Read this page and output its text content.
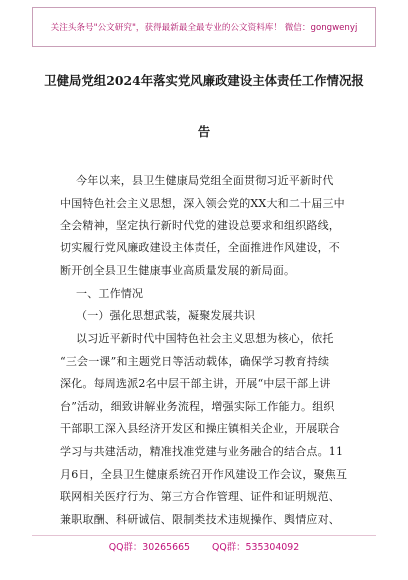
关注头条号"公文研究"，获得最新最全最专业的公文资料库！ 微信：gongwenyj
卫健局党组2024年落实党风廉政建设主体责任工作情况报
告
今年以来，县卫生健康局党组全面贯彻习近平新时代
中国特色社会主义思想，深入领会党的XX大和二十届三中
全会精神，坚定执行新时代党的建设总要求和组织路线，
切实履行党风廉政建设主体责任，全面推进作风建设，不
断开创全县卫生健康事业高质量发展的新局面。
一、工作情况
（一）强化思想武装，凝聚发展共识
以习近平新时代中国特色社会主义思想为核心，依托
“三会一课”和主题党日等活动载体，确保学习教育持续
深化。每周选派2名中层干部主讲，开展“中层干部上讲
台”活动，细致讲解业务流程，增强实际工作能力。组织
干部职工深入县经济开发区和操庄镇相关企业，开展联合
学习与共建活动，精准找准党建与业务融合的结合点。11
月6日，全县卫生健康系统召开作风建设工作会议，聚焦互
联网相关医疗行为、第三方合作管理、证件和证明规范、
兼职取酬、科研诚信、限制类技术违规操作、舆情应对、
QQ群：30265665 QQ群：535304092
